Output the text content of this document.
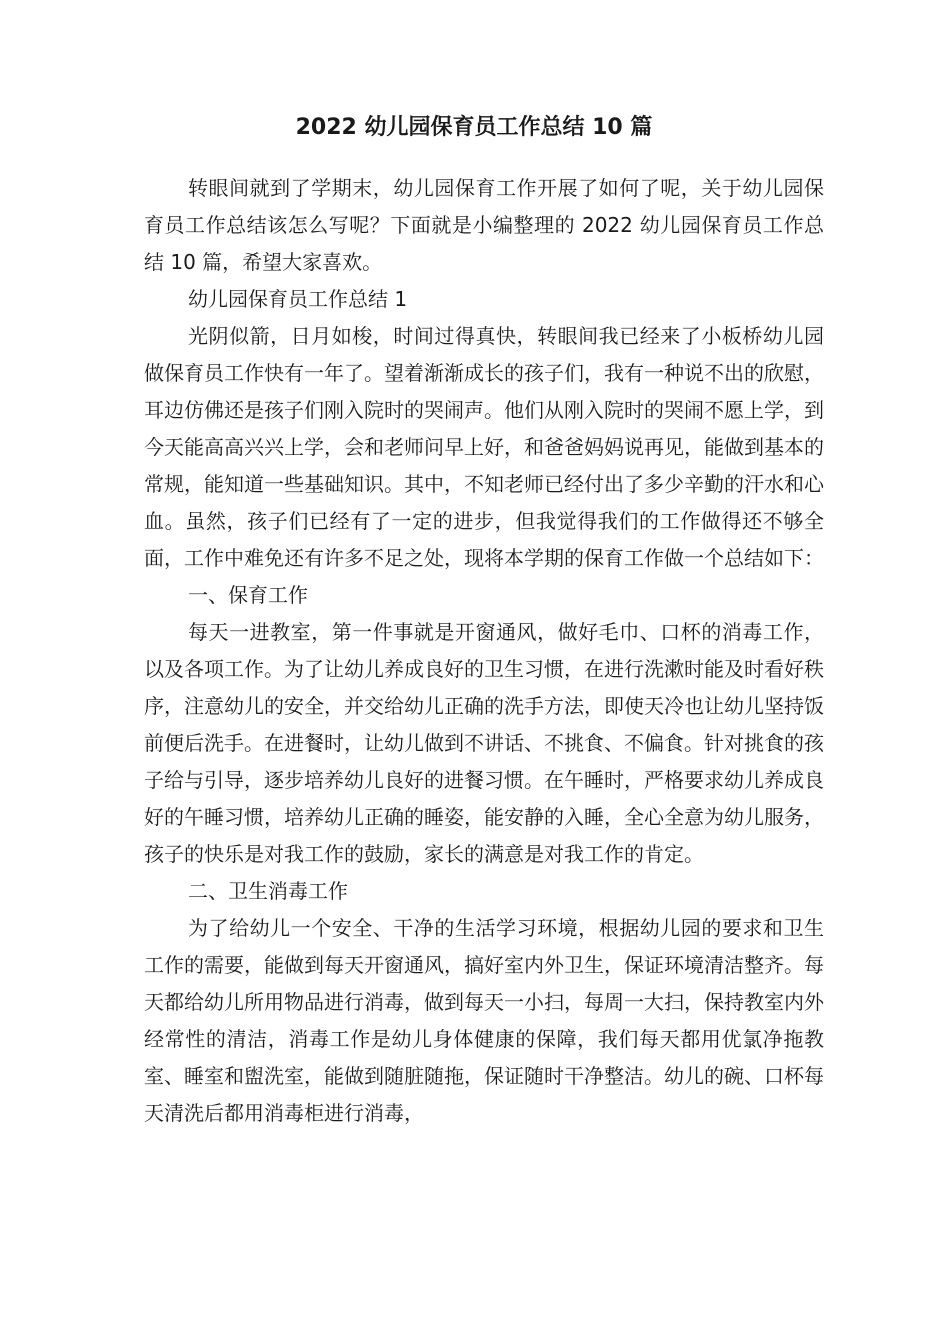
2022 幼儿园保育员工作总结 10 篇

转眼间就到了学期末，幼儿园保育工作开展了如何了呢，关于幼儿园保育员工作总结该怎么写呢？下面就是小编整理的 2022 幼儿园保育员工作总结 10 篇，希望大家喜欢。

幼儿园保育员工作总结 1

光阴似箭，日月如梭，时间过得真快，转眼间我已经来了小板桥幼儿园做保育员工作快有一年了。望着渐渐成长的孩子们，我有一种说不出的欣慰，耳边仿佛还是孩子们刚入院时的哭闹声。他们从刚入院时的哭闹不愿上学，到今天能高高兴兴上学，会和老师问早上好，和爸爸妈妈说再见，能做到基本的常规，能知道一些基础知识。其中，不知老师已经付出了多少辛勤的汗水和心血。虽然，孩子们已经有了一定的进步，但我觉得我们的工作做得还不够全面，工作中难免还有许多不足之处，现将本学期的保育工作做一个总结如下：

一、保育工作

每天一进教室，第一件事就是开窗通风，做好毛巾、口杯的消毒工作，以及各项工作。为了让幼儿养成良好的卫生习惯，在进行洗漱时能及时看好秩序，注意幼儿的安全，并交给幼儿正确的洗手方法，即使天冷也让幼儿坚持饭前便后洗手。在进餐时，让幼儿做到不讲话、不挑食、不偏食。针对挑食的孩子给与引导，逐步培养幼儿良好的进餐习惯。在午睡时，严格要求幼儿养成良好的午睡习惯，培养幼儿正确的睡姿，能安静的入睡，全心全意为幼儿服务，孩子的快乐是对我工作的鼓励，家长的满意是对我工作的肯定。

二、卫生消毒工作

为了给幼儿一个安全、干净的生活学习环境，根据幼儿园的要求和卫生工作的需要，能做到每天开窗通风，搞好室内外卫生，保证环境清洁整齐。每天都给幼儿所用物品进行消毒，做到每天一小扫，每周一大扫，保持教室内外经常性的清洁，消毒工作是幼儿身体健康的保障，我们每天都用优氯净拖教室、睡室和盥洗室，能做到随脏随拖，保证随时干净整洁。幼儿的碗、口杯每天清洗后都用消毒柜进行消毒，
